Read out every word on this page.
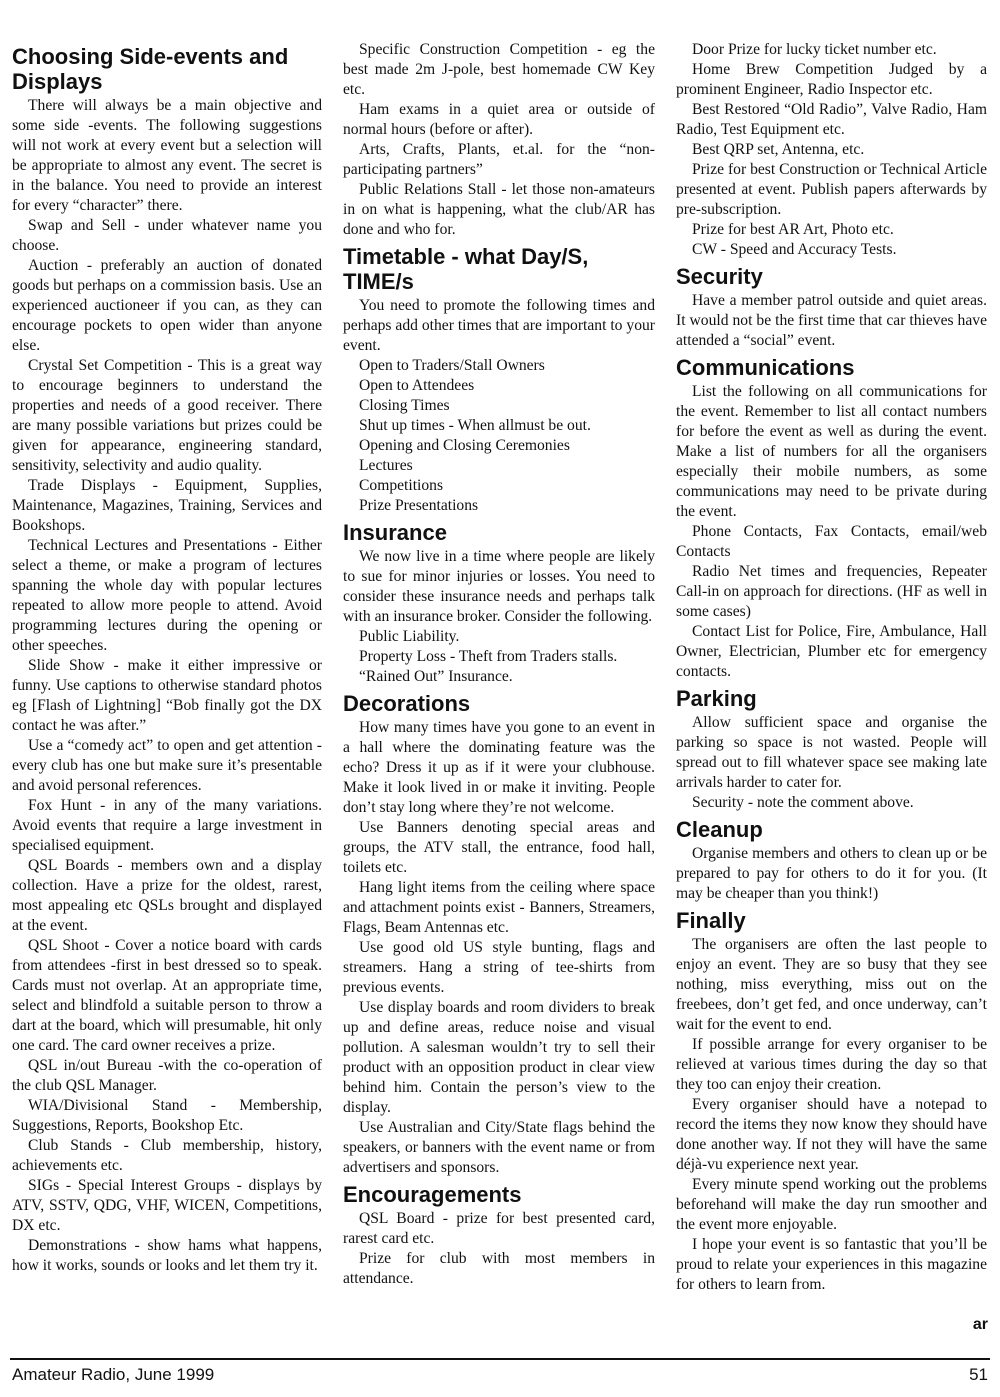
Choosing Side-events and Displays

There will always be a main objective and some side -events. The following suggestions will not work at every event but a selection will be appropriate to almost any event. The secret is in the balance. You need to provide an interest for every “character” there.

Swap and Sell - under whatever name you choose.

Auction - preferably an auction of donated goods but perhaps on a commission basis. Use an experienced auctioneer if you can, as they can encourage pockets to open wider than anyone else.

Crystal Set Competition - This is a great way to encourage beginners to understand the properties and needs of a good receiver. There are many possible variations but prizes could be given for appearance, engineering standard, sensitivity, selectivity and audio quality.

Trade Displays - Equipment, Supplies, Maintenance, Magazines, Training, Services and Bookshops.

Technical Lectures and Presentations - Either select a theme, or make a program of lectures spanning the whole day with popular lectures repeated to allow more people to attend. Avoid programming lectures during the opening or other speeches.

Slide Show - make it either impressive or funny. Use captions to otherwise standard photos eg [Flash of Lightning] “Bob finally got the DX contact he was after.”

Use a “comedy act” to open and get attention - every club has one but make sure it’s presentable and avoid personal references.

Fox Hunt - in any of the many variations. Avoid events that require a large investment in specialised equipment.

QSL Boards - members own and a display collection. Have a prize for the oldest, rarest, most appealing etc QSLs brought and displayed at the event.

QSL Shoot - Cover a notice board with cards from attendees -first in best dressed so to speak. Cards must not overlap. At an appropriate time, select and blindfold a suitable person to throw a dart at the board, which will presumable, hit only one card. The card owner receives a prize.

QSL in/out Bureau -with the co-operation of the club QSL Manager.

WIA/Divisional Stand - Membership, Suggestions, Reports, Bookshop Etc.

Club Stands - Club membership, history, achievements etc.

SIGs - Special Interest Groups - displays by ATV, SSTV, QDG, VHF, WICEN, Competitions, DX etc.

Demonstrations - show hams what happens, how it works, sounds or looks and let them try it.

Specific Construction Competition - eg the best made 2m J-pole, best homemade CW Key etc.

Ham exams in a quiet area or outside of normal hours (before or after).

Arts, Crafts, Plants, et.al. for the “non-participating partners”

Public Relations Stall - let those non-amateurs in on what is happening, what the club/AR has done and who for.

Timetable - what Day/S, TIME/s

You need to promote the following times and perhaps add other times that are important to your event.

Open to Traders/Stall Owners
Open to Attendees
Closing Times
Shut up times - When allmust be out.
Opening and Closing Ceremonies
Lectures
Competitions
Prize Presentations
Insurance

We now live in a time where people are likely to sue for minor injuries or losses. You need to consider these insurance needs and perhaps talk with an insurance broker. Consider the following.

Public Liability.
Property Loss - Theft from Traders stalls.
“Rained Out” Insurance.
Decorations

How many times have you gone to an event in a hall where the dominating feature was the echo? Dress it up as if it were your clubhouse. Make it look lived in or make it inviting. People don’t stay long where they’re not welcome.

Use Banners denoting special areas and groups, the ATV stall, the entrance, food hall, toilets etc.

Hang light items from the ceiling where space and attachment points exist - Banners, Streamers, Flags, Beam Antennas etc.

Use good old US style bunting, flags and streamers. Hang a string of tee-shirts from previous events.

Use display boards and room dividers to break up and define areas, reduce noise and visual pollution. A salesman wouldn’t try to sell their product with an opposition product in clear view behind him. Contain the person’s view to the display.

Use Australian and City/State flags behind the speakers, or banners with the event name or from advertisers and sponsors.

Encouragements

QSL Board - prize for best presented card, rarest card etc.

Prize for club with most members in attendance.

Door Prize for lucky ticket number etc.

Home Brew Competition Judged by a prominent Engineer, Radio Inspector etc.

Best Restored “Old Radio”, Valve Radio, Ham Radio, Test Equipment etc.

Best QRP set, Antenna, etc.

Prize for best Construction or Technical Article presented at event. Publish papers afterwards by pre-subscription.

Prize for best AR Art, Photo etc.

CW - Speed and Accuracy Tests.

Security

Have a member patrol outside and quiet areas. It would not be the first time that car thieves have attended a “social” event.

Communications

List the following on all communications for the event. Remember to list all contact numbers for before the event as well as during the event. Make a list of numbers for all the organisers especially their mobile numbers, as some communications may need to be private during the event.

Phone Contacts, Fax Contacts, email/web Contacts

Radio Net times and frequencies, Repeater Call-in on approach for directions. (HF as well in some cases)

Contact List for Police, Fire, Ambulance, Hall Owner, Electrician, Plumber etc for emergency contacts.

Parking

Allow sufficient space and organise the parking so space is not wasted. People will spread out to fill whatever space see making late arrivals harder to cater for.

Security - note the comment above.

Cleanup

Organise members and others to clean up or be prepared to pay for others to do it for you. (It may be cheaper than you think!)

Finally

The organisers are often the last people to enjoy an event. They are so busy that they see nothing, miss everything, miss out on the freebees, don’t get fed, and once underway, can’t wait for the event to end.

If possible arrange for every organiser to be relieved at various times during the day so that they too can enjoy their creation.

Every organiser should have a notepad to record the items they now know they should have done another way. If not they will have the same déjà-vu experience next year.

Every minute spend working out the problems beforehand will make the day run smoother and the event more enjoyable.

I hope your event is so fantastic that you’ll be proud to relate your experiences in this magazine for others to learn from.

ar
Amateur Radio, June 1999	51
